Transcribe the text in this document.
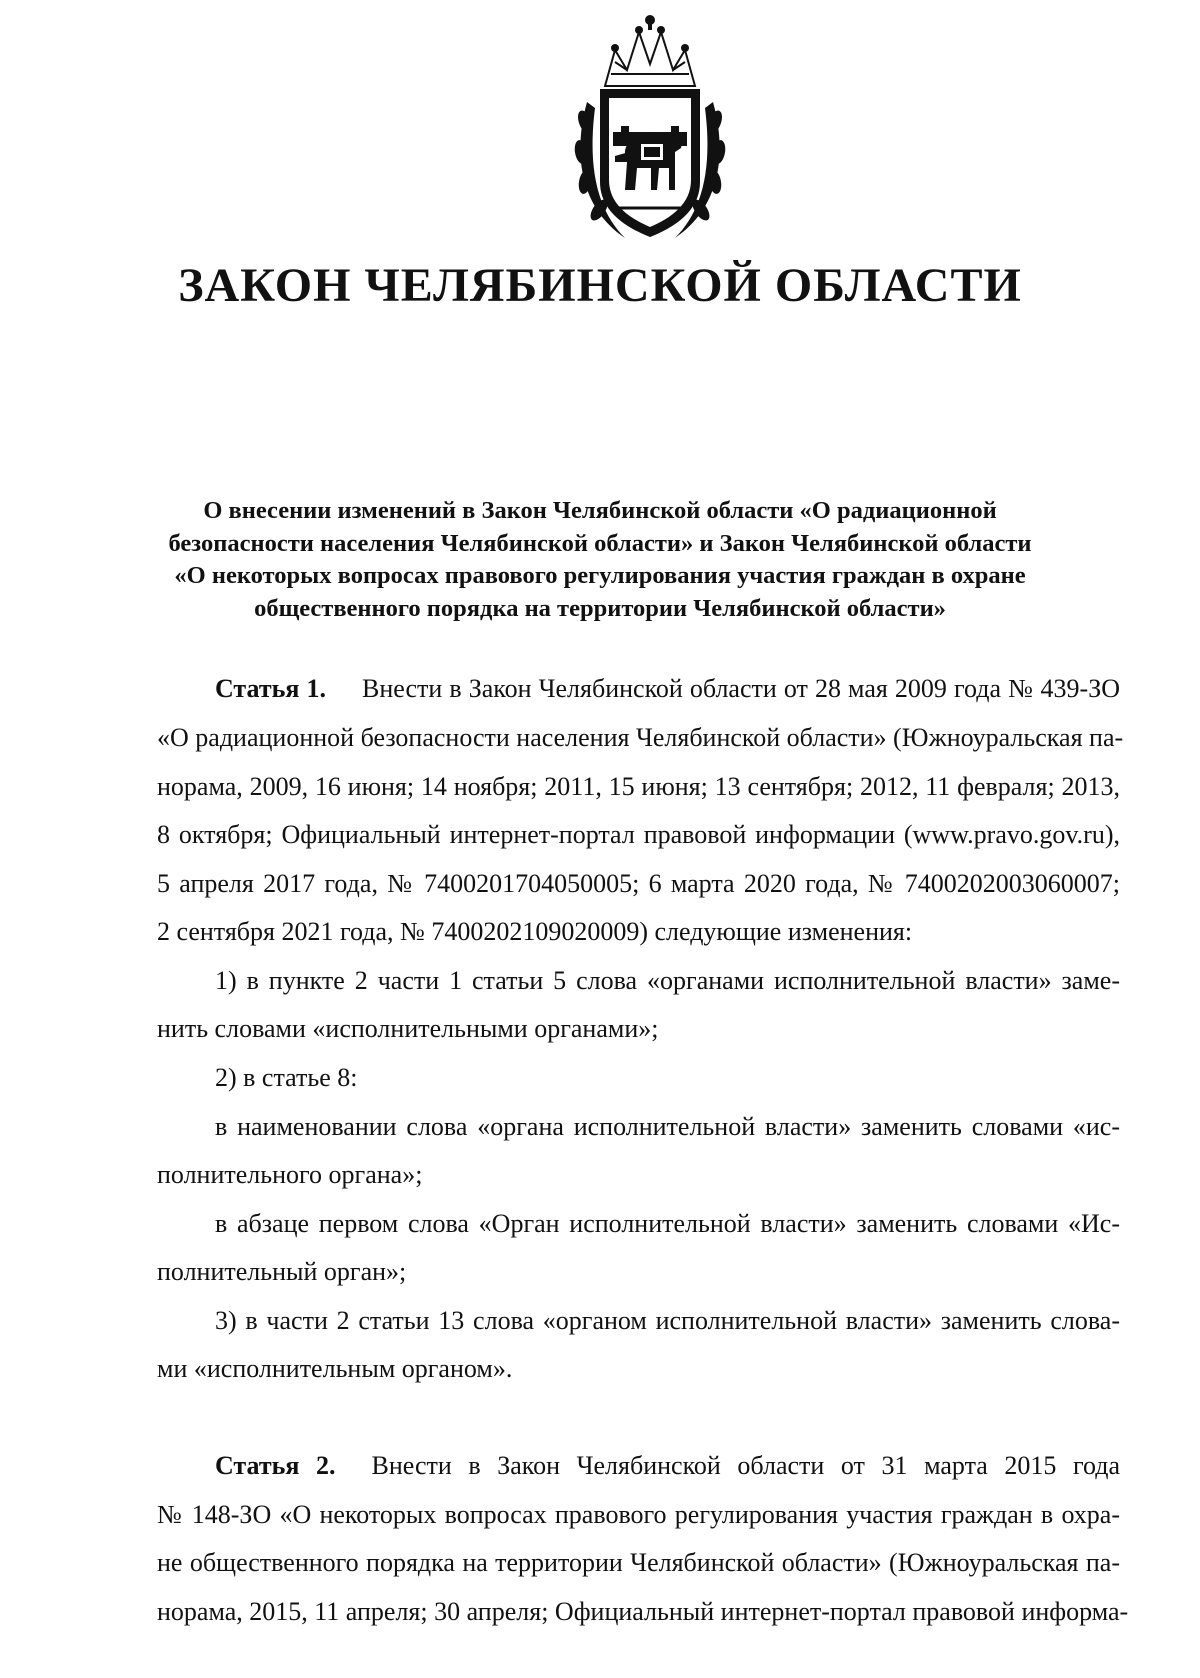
ЗАКОН ЧЕЛЯБИНСКОЙ ОБЛАСТИ
О внесении изменений в Закон Челябинской области «О радиационной
безопасности населения Челябинской области» и Закон Челябинской области
«О некоторых вопросах правового регулирования участия граждан в охране
общественного порядка на территории Челябинской области»
Статья 1. Внести в Закон Челябинской области от 28 мая 2009 года № 439-ЗО
«О радиационной безопасности населения Челябинской области» (Южноуральская па-
норама, 2009, 16 июня; 14 ноября; 2011, 15 июня; 13 сентября; 2012, 11 февраля; 2013,
8 октября; Официальный интернет-портал правовой информации (www.pravo.gov.ru),
5 апреля 2017 года, № 7400201704050005; 6 марта 2020 года, № 7400202003060007;
2 сентября 2021 года, № 7400202109020009) следующие изменения:
1) в пункте 2 части 1 статьи 5 слова «органами исполнительной власти» заме-
нить словами «исполнительными органами»;
2) в статье 8:
в наименовании слова «органа исполнительной власти» заменить словами «ис-
полнительного органа»;
в абзаце первом слова «Орган исполнительной власти» заменить словами «Ис-
полнительный орган»;
3) в части 2 статьи 13 слова «органом исполнительной власти» заменить слова-
ми «исполнительным органом».
Статья 2. Внести в Закон Челябинской области от 31 марта 2015 года
№ 148-ЗО «О некоторых вопросах правового регулирования участия граждан в охра-
не общественного порядка на территории Челябинской области» (Южноуральская па-
норама, 2015, 11 апреля; 30 апреля; Официальный интернет-портал правовой информа-
